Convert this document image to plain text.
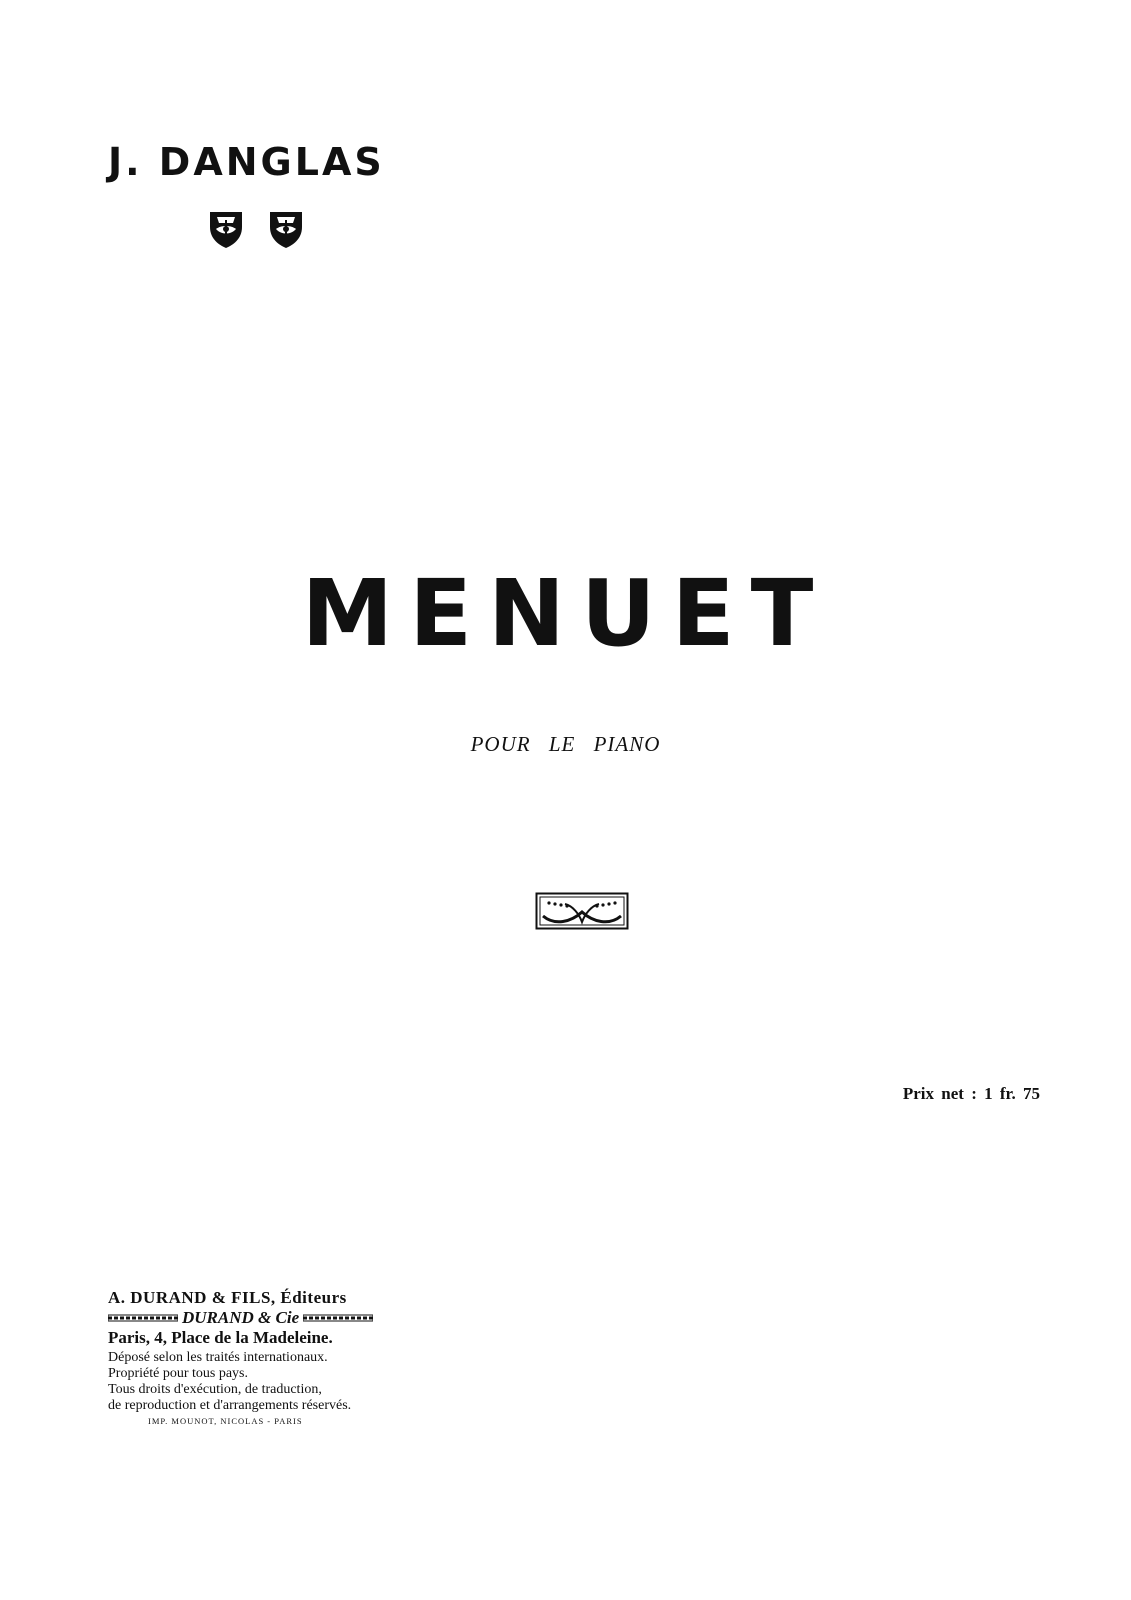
J. DANGLAS
MENUET
POUR LE PIANO
Prix net : 1 fr. 75
A. DURAND & FILS, Éditeurs
DURAND & Cie
Paris, 4, Place de la Madeleine.
Déposé selon les traités internationaux.
Propriété pour tous pays.
Tous droits d'exécution, de traduction,
de reproduction et d'arrangements réservés.
IMP. MOUNOT, NICOLAS - PARIS
